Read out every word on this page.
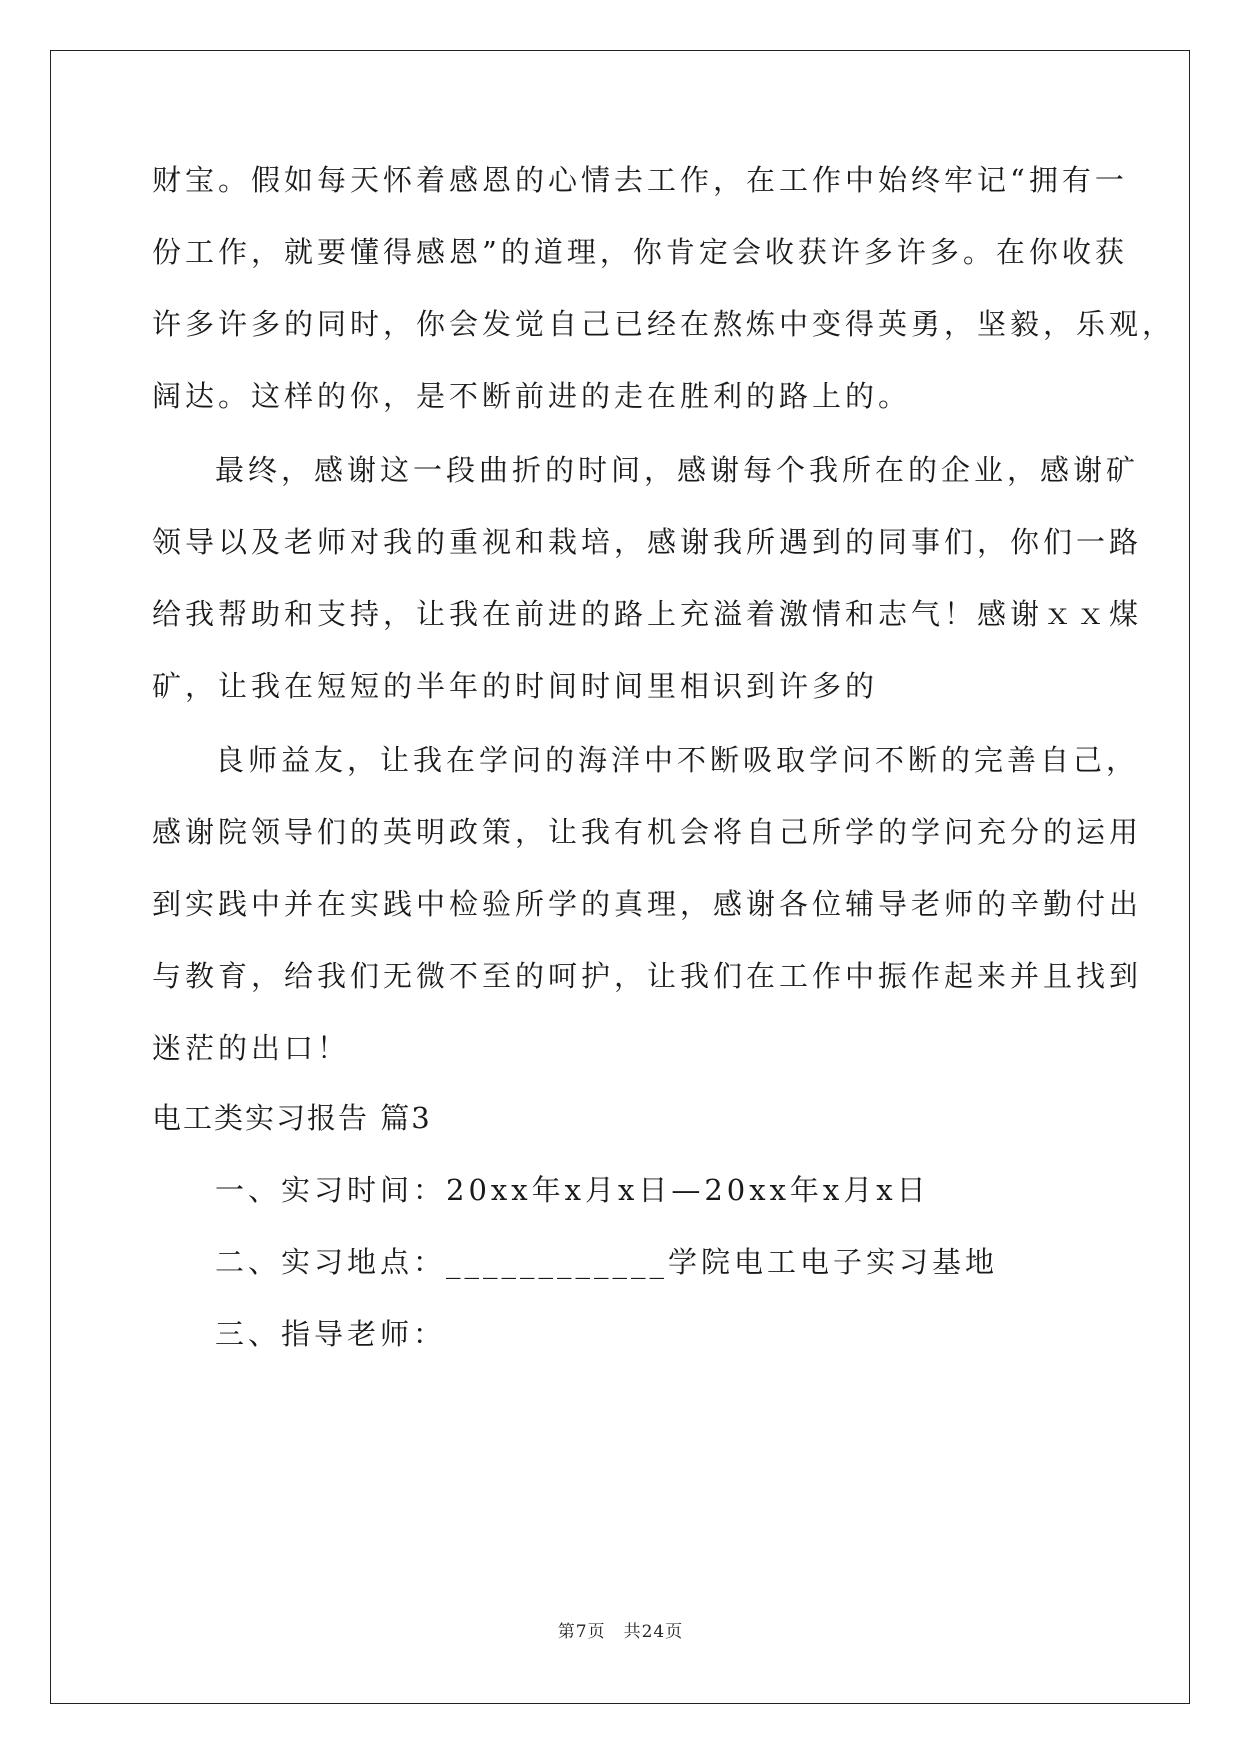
财宝。假如每天怀着感恩的心情去工作，在工作中始终牢记“拥有一
份工作，就要懂得感恩”的道理，你肯定会收获许多许多。在你收获
许多许多的同时，你会发觉自己已经在熬炼中变得英勇，坚毅，乐观，
阔达。这样的你，是不断前进的走在胜利的路上的。
最终，感谢这一段曲折的时间，感谢每个我所在的企业，感谢矿
领导以及老师对我的重视和栽培，感谢我所遇到的同事们，你们一路
给我帮助和支持，让我在前进的路上充溢着激情和志气！感谢ｘｘ煤
矿，让我在短短的半年的时间时间里相识到许多的
良师益友，让我在学问的海洋中不断吸取学问不断的完善自己，
感谢院领导们的英明政策，让我有机会将自己所学的学问充分的运用
到实践中并在实践中检验所学的真理，感谢各位辅导老师的辛勤付出
与教育，给我们无微不至的呵护，让我们在工作中振作起来并且找到
迷茫的出口！
电工类实习报告 篇3
一、实习时间：20xx年x月x日—20xx年x月x日
二、实习地点：____________学院电工电子实习基地
三、指导老师：
第7页　共24页
